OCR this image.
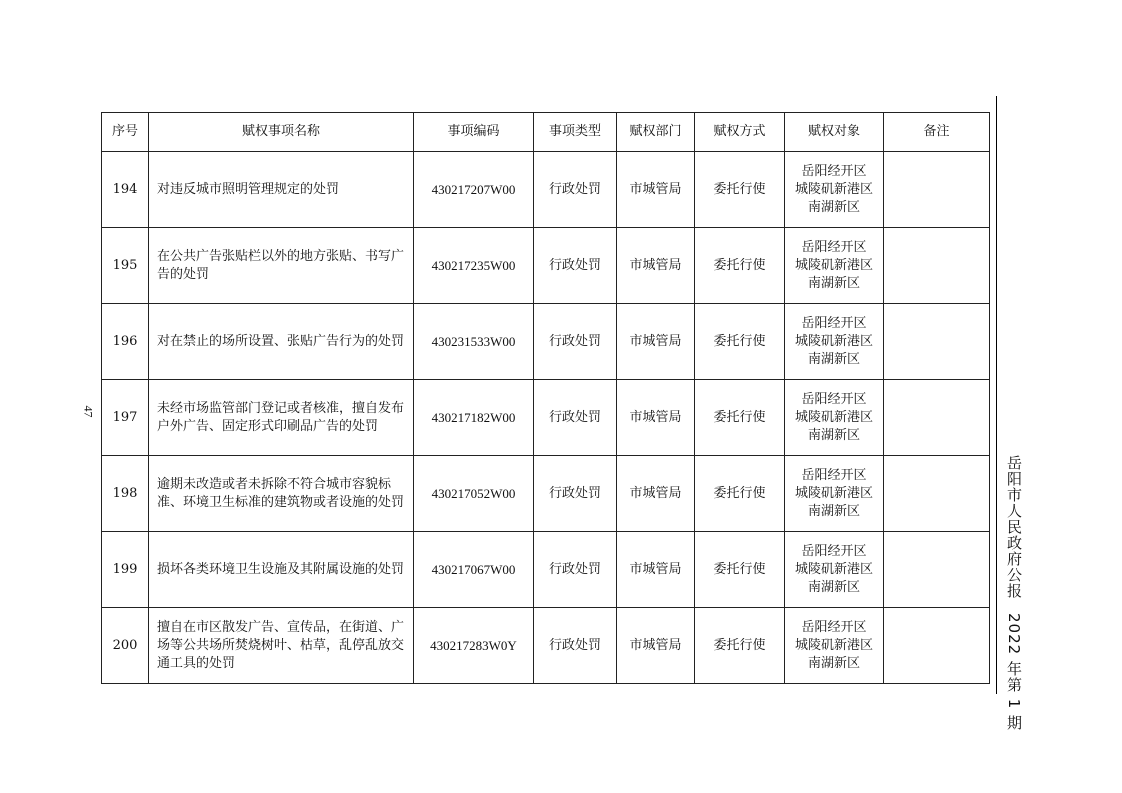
序号	赋权事项名称	事项编码	事项类型	赋权部门	赋权方式	赋权对象	备注
194	对违反城市照明管理规定的处罚	430217207W00	行政处罚	市城管局	委托行使	岳阳经开区
城陵矶新港区
南湖新区	

195	在公共广告张贴栏以外的地方张贴、书写广告的处罚	430217235W00	行政处罚	市城管局	委托行使	岳阳经开区
城陵矶新港区
南湖新区	

196	对在禁止的场所设置、张贴广告行为的处罚	430231533W00	行政处罚	市城管局	委托行使	岳阳经开区
城陵矶新港区
南湖新区	

197	未经市场监管部门登记或者核准，擅自发布户外广告、固定形式印刷品广告的处罚	430217182W00	行政处罚	市城管局	委托行使	岳阳经开区
城陵矶新港区
南湖新区	

198	逾期未改造或者未拆除不符合城市容貌标准、环境卫生标准的建筑物或者设施的处罚	430217052W00	行政处罚	市城管局	委托行使	岳阳经开区
城陵矶新港区
南湖新区	

199	损坏各类环境卫生设施及其附属设施的处罚	430217067W00	行政处罚	市城管局	委托行使	岳阳经开区
城陵矶新港区
南湖新区	

200	擅自在市区散发广告、宣传品，在街道、广场等公共场所焚烧树叶、枯草，乱停乱放交通工具的处罚	430217283W0Y	行政处罚	市城管局	委托行使	岳阳经开区
城陵矶新港区
南湖新区	

47
岳阳市人民政府公报2022 年第 1 期
